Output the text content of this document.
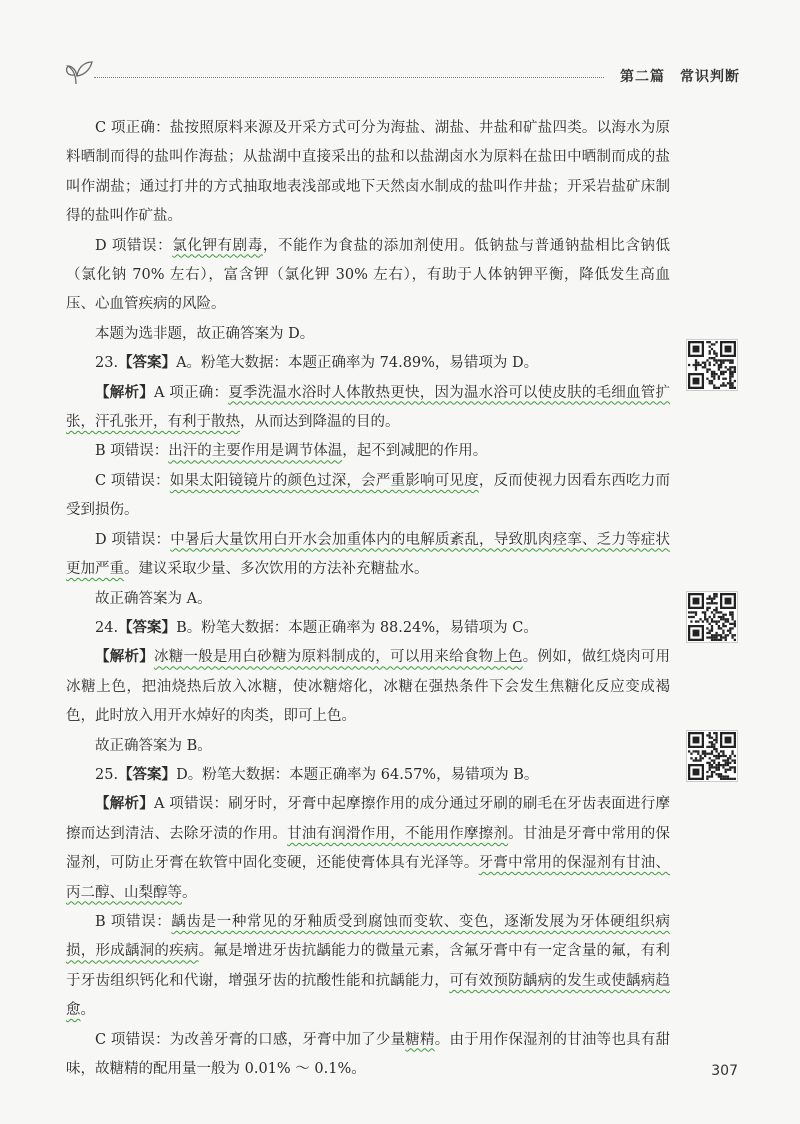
第二篇　常识判断

C 项正确：盐按照原料来源及开采方式可分为海盐、湖盐、井盐和矿盐四类。以海水为原料晒制而得的盐叫作海盐；从盐湖中直接采出的盐和以盐湖卤水为原料在盐田中晒制而成的盐叫作湖盐；通过打井的方式抽取地表浅部或地下天然卤水制成的盐叫作井盐；开采岩盐矿床制得的盐叫作矿盐。

D 项错误：氯化钾有剧毒，不能作为食盐的添加剂使用。低钠盐与普通钠盐相比含钠低（氯化钠 70% 左右），富含钾（氯化钾 30% 左右），有助于人体钠钾平衡，降低发生高血压、心血管疾病的风险。

本题为选非题，故正确答案为 D。

23.【答案】A。粉笔大数据：本题正确率为 74.89%，易错项为 D。

【解析】A 项正确：夏季洗温水浴时人体散热更快，因为温水浴可以使皮肤的毛细血管扩张，汗孔张开，有利于散热，从而达到降温的目的。

B 项错误：出汗的主要作用是调节体温，起不到减肥的作用。

C 项错误：如果太阳镜镜片的颜色过深，会严重影响可见度，反而使视力因看东西吃力而受到损伤。

D 项错误：中暑后大量饮用白开水会加重体内的电解质紊乱，导致肌肉痉挛、乏力等症状更加严重。建议采取少量、多次饮用的方法补充糖盐水。

故正确答案为 A。

24.【答案】B。粉笔大数据：本题正确率为 88.24%，易错项为 C。

【解析】冰糖一般是用白砂糖为原料制成的，可以用来给食物上色。例如，做红烧肉可用冰糖上色，把油烧热后放入冰糖，使冰糖熔化，冰糖在强热条件下会发生焦糖化反应变成褐色，此时放入用开水焯好的肉类，即可上色。

故正确答案为 B。

25.【答案】D。粉笔大数据：本题正确率为 64.57%，易错项为 B。

【解析】A 项错误：刷牙时，牙膏中起摩擦作用的成分通过牙刷的刷毛在牙齿表面进行摩擦而达到清洁、去除牙渍的作用。甘油有润滑作用，不能用作摩擦剂。甘油是牙膏中常用的保湿剂，可防止牙膏在软管中固化变硬，还能使膏体具有光泽等。牙膏中常用的保湿剂有甘油、丙二醇、山梨醇等。

B 项错误：龋齿是一种常见的牙釉质受到腐蚀而变软、变色，逐渐发展为牙体硬组织病损，形成龋洞的疾病。氟是增进牙齿抗龋能力的微量元素，含氟牙膏中有一定含量的氟，有利于牙齿组织钙化和代谢，增强牙齿的抗酸性能和抗龋能力，可有效预防龋病的发生或使龋病趋愈。

C 项错误：为改善牙膏的口感，牙膏中加了少量糖精。由于用作保湿剂的甘油等也具有甜味，故糖精的配用量一般为 0.01% ～ 0.1%。	307
